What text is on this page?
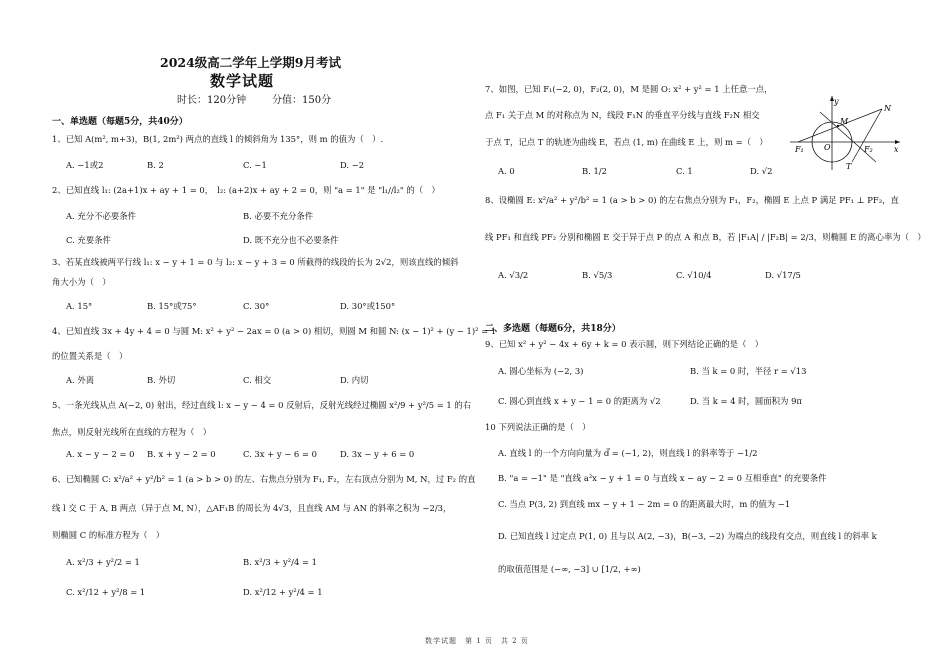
2024级高二学年上学期9月考试
数学试题
时长：120分钟	分值：150分
一、单选题（每题5分，共40分）
1、已知 A(m², m+3)，B(1, 2m²) 两点的直线 l 的倾斜角为 135°，则 m 的值为（　）.
A. −1或2	B. 2	C. −1	D. −2
2、已知直线 l₁: (2a+1)x + ay + 1 = 0，　l₂: (a+2)x + ay + 2 = 0，则 "a = 1" 是 "l₁//l₂" 的（　）
A. 充分不必要条件	B. 必要不充分条件
C. 充要条件	D. 既不充分也不必要条件
3、若某直线被两平行线 l₁: x − y + 1 = 0 与 l₂: x − y + 3 = 0 所截得的线段的长为 2√2，则该直线的倾斜
角大小为（　）
A. 15°	B. 15°或75°	C. 30°	D. 30°或150°
4、已知直线 3x + 4y + 4 = 0 与圆 M: x² + y² − 2ax = 0 (a > 0) 相切，则圆 M 和圆 N: (x − 1)² + (y − 1)² = 1
的位置关系是（　）
A. 外离	B. 外切	C. 相交	D. 内切
5、一条光线从点 A(−2, 0) 射出，经过直线 l: x − y − 4 = 0 反射后，反射光线经过椭圆 x²/9 + y²/5 = 1 的右
焦点，则反射光线所在直线的方程为（　）
A. x − y − 2 = 0 B. x + y − 2 = 0	C. 3x + y − 6 = 0	D. 3x − y + 6 = 0
6、已知椭圆 C: x²/a² + y²/b² = 1 (a > b > 0) 的左、右焦点分别为 F₁, F₂，左右顶点分别为 M, N，过 F₂ 的直
线 l 交 C 于 A, B 两点（异于点 M, N），△AF₁B 的周长为 4√3，且直线 AM 与 AN 的斜率之积为 −2/3，
则椭圆 C 的标准方程为（　）
A. x²/3 + y²/2 = 1	B. x²/3 + y²/4 = 1
C. x²/12 + y²/8 = 1	D. x²/12 + y²/4 = 1
7、如图，已知 F₁(−2, 0)，F₂(2, 0)，M 是圆 O: x² + y² = 1 上任意一点，
点 F₁ 关于点 M 的对称点为 N，线段 F₁N 的垂直平分线与直线 F₂N 相交
于点 T，记点 T 的轨迹为曲线 E，若点 (1, m) 在曲线 E 上，则 m =（　）
A. 0	B. 1/2	C. 1	D. √2
y
N
M
F₁	O	F₂	x
T
8、设椭圆 E: x²/a² + y²/b² = 1 (a > b > 0) 的左右焦点分别为 F₁，F₂，椭圆 E 上点 P 满足 PF₁ ⊥ PF₂，直
线 PF₁ 和直线 PF₂ 分别和椭圆 E 交于异于点 P 的点 A 和点 B，若 |F₁A| / |F₂B| = 2/3，则椭圆 E 的离心率为（　）
A. √3/2	B. √5/3	C. √10/4	D. √17/5
二、多选题（每题6分，共18分）
9、已知 x² + y² − 4x + 6y + k = 0 表示圆，则下列结论正确的是（　）
A. 圆心坐标为 (−2, 3)	B. 当 k = 0 时，半径 r = √13
C. 圆心到直线 x + y − 1 = 0 的距离为 √2	D. 当 k = 4 时，圆面积为 9π
10 下列说法正确的是（　）
A. 直线 l 的一个方向向量为 d⃗ = (−1, 2)，则直线 l 的斜率等于 −1/2
B. "a = −1" 是 "直线 a²x − y + 1 = 0 与直线 x − ay − 2 = 0 互相垂直" 的充要条件
C. 当点 P(3, 2) 到直线 mx − y + 1 − 2m = 0 的距离最大时，m 的值为 −1
D. 已知直线 l 过定点 P(1, 0) 且与以 A(2, −3)，B(−3, −2) 为端点的线段有交点，则直线 l 的斜率 k
的取值范围是 (−∞, −3] ∪ [1/2, +∞)
数学试题　第 1 页　共 2 页
